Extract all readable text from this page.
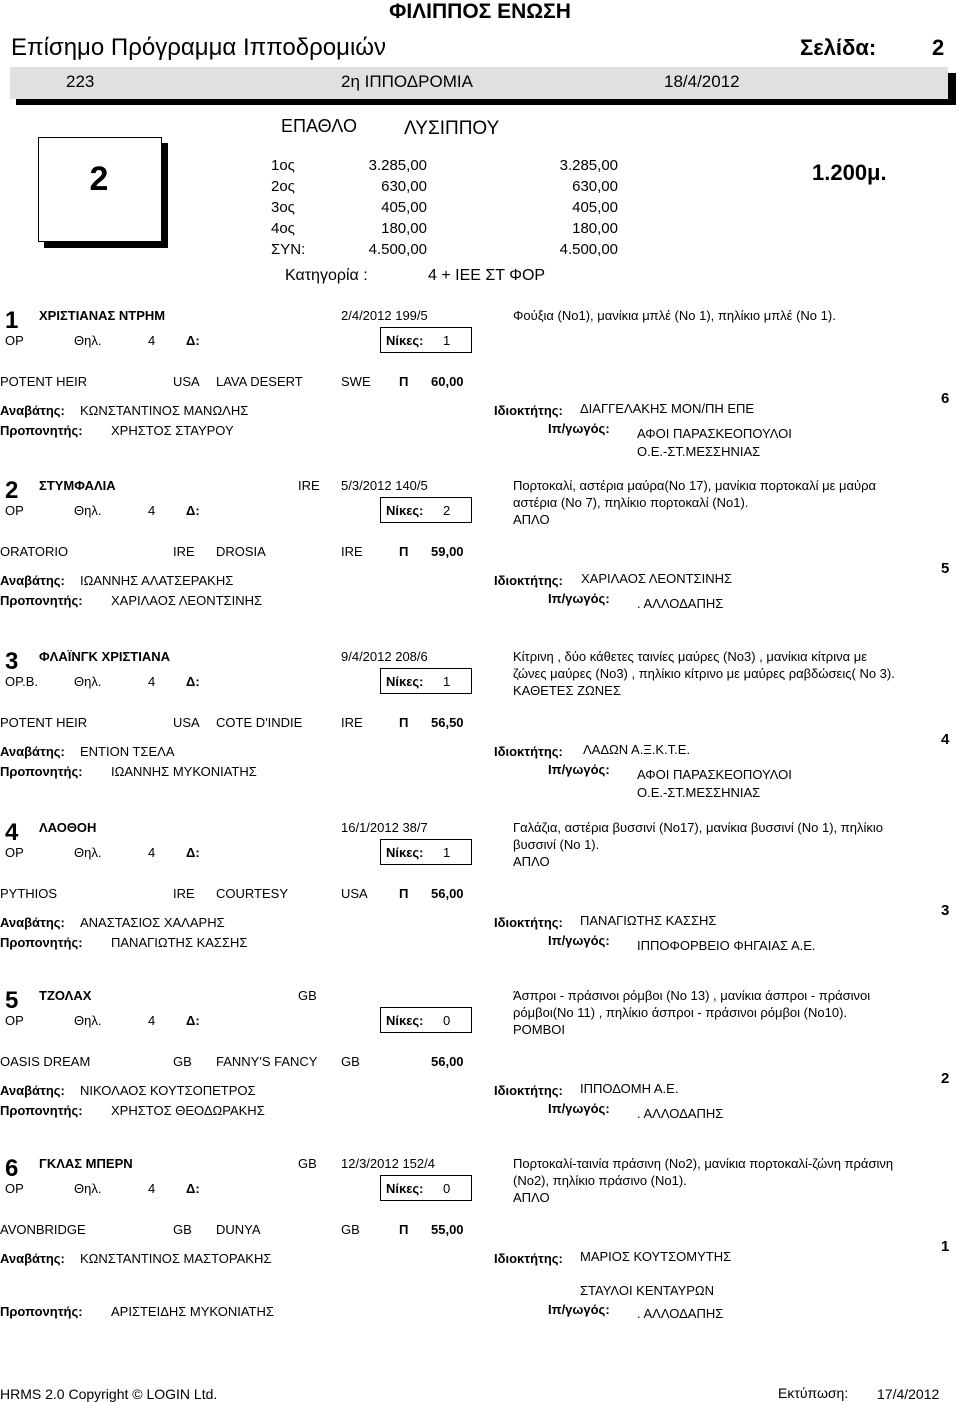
ΦΙΛΙΠΠΟΣ ΕΝΩΣΗ
Επίσημο Πρόγραμμα Ιπποδρομιών	Σελίδα:	2
223	2η ΙΠΠΟΔΡΟΜΙΑ	18/4/2012
ΕΠΑΘΛΟ ΛΥΣΙΠΠΟΥ
2	1.200μ.
1ος	3.285,00	3.285,00
2ος	630,00	630,00
3ος	405,00	405,00
4ος	180,00	180,00
ΣΥΝ:	4.500,00	4.500,00
Κατηγορία :	4 + ΙΕΕ ΣΤ ΦΟΡ
1 ΧΡΙΣΤΙΑΝΑΣ ΝΤΡΗΜ	2/4/2012 199/5	Φούξια (Νο1), μανίκια μπλέ (Νο 1), πηλίκιο μπλέ (Νο 1).
ΟΡ	Θηλ.	4 Δ:	Νίκες: 1
POTENT HEIR	USA LAVA DESERT	SWE Π 60,00
Αναβάτης: ΚΩΝΣΤΑΝΤΙΝΟΣ ΜΑΝΩΛΗΣ	Ιδιοκτήτης: ΔΙΑΓΓΕΛΑΚΗΣ ΜΟΝ/ΠΗ ΕΠΕ
6
Προπονητής: ΧΡΗΣΤΟΣ ΣΤΑΥΡΟΥ	Ιπ/γωγός: ΑΦΟΙ ΠΑΡΑΣΚΕΟΠΟΥΛΟΙ
Ο.Ε.-ΣΤ.ΜΕΣΣΗΝΙΑΣ
2 ΣΤΥΜΦΑΛΙΑ	IRE 5/3/2012 140/5	Πορτοκαλί, αστέρια μαύρα(Νο 17), μανίκια πορτοκαλί με μαύρα
αστέρια (Νο 7), πηλίκιο πορτοκαλί (Νο1).
ΑΠΛΟ
ΟΡ	Θηλ.	4 Δ:	Νίκες: 2
ORATORIO	IRE DROSIA	IRE	Π 59,00
Αναβάτης: ΙΩΑΝΝΗΣ ΑΛΑΤΣΕΡΑΚΗΣ	Ιδιοκτήτης: ΧΑΡΙΛΑΟΣ ΛΕΟΝΤΣΙΝΗΣ
5
Προπονητής: ΧΑΡΙΛΑΟΣ ΛΕΟΝΤΣΙΝΗΣ	Ιπ/γωγός: . ΑΛΛΟΔΑΠΗΣ
3 ΦΛΑΪΝΓΚ ΧΡΙΣΤΙΑΝΑ	9/4/2012 208/6	Κίτρινη , δύο κάθετες ταινίες μαύρες (Νο3) , μανίκια κίτρινα με
ζώνες μαύρες (Νο3) , πηλίκιο κίτρινο με μαύρες ραβδώσεις( Νο 3).
ΚΑΘΕΤΕΣ ΖΩΝΕΣ
ΟΡ.Β.	Θηλ.	4 Δ:	Νίκες: 1
POTENT HEIR	USA COTE D'INDIE	IRE	Π 56,50
Αναβάτης: ΕΝΤΙΟΝ ΤΣΕΛΑ	Ιδιοκτήτης: ΛΑΔΩΝ Α.Ξ.Κ.Τ.Ε.
4
Προπονητής: ΙΩΑΝΝΗΣ ΜΥΚΟΝΙΑΤΗΣ	Ιπ/γωγός: ΑΦΟΙ ΠΑΡΑΣΚΕΟΠΟΥΛΟΙ
Ο.Ε.-ΣΤ.ΜΕΣΣΗΝΙΑΣ
4 ΛΑΟΘΟΗ	16/1/2012 38/7	Γαλάζια, αστέρια βυσσινί (Νο17), μανίκια βυσσινί (Νο 1), πηλίκιο
βυσσινί (Νο 1).
ΑΠΛΟ
ΟΡ	Θηλ.	4 Δ:	Νίκες: 1
PYTHIOS	IRE COURTESY	USA Π 56,00
Αναβάτης: ΑΝΑΣΤΑΣΙΟΣ ΧΑΛΑΡΗΣ	Ιδιοκτήτης: ΠΑΝΑΓΙΩΤΗΣ ΚΑΣΣΗΣ
3
Προπονητής: ΠΑΝΑΓΙΩΤΗΣ ΚΑΣΣΗΣ	Ιπ/γωγός: ΙΠΠΟΦΟΡΒΕΙΟ ΦΗΓΑΙΑΣ Α.Ε.
5 ΤΖΟΛΑΧ	GB	Άσπροι - πράσινοι ρόμβοι (Νο 13) , μανίκια άσπροι - πράσινοι
ρόμβοι(Νο 11) , πηλίκιο άσπροι - πράσινοι ρόμβοι (Νο10).
ΡΟΜΒΟΙ
ΟΡ	Θηλ.	4 Δ:	Νίκες: 0
OASIS DREAM	GB FANNY'S FANCY GB	56,00
Αναβάτης: ΝΙΚΟΛΑΟΣ ΚΟΥΤΣΟΠΕΤΡΟΣ	Ιδιοκτήτης: ΙΠΠΟΔΟΜΗ Α.Ε.
2
Προπονητής: ΧΡΗΣΤΟΣ ΘΕΟΔΩΡΑΚΗΣ	Ιπ/γωγός: . ΑΛΛΟΔΑΠΗΣ
6 ΓΚΛΑΣ ΜΠΕΡΝ	GB 12/3/2012 152/4	Πορτοκαλί-ταινία πράσινη (Νο2), μανίκια πορτοκαλί-ζώνη πράσινη
(Νο2), πηλίκιο πράσινο (Νο1).
ΑΠΛΟ
ΟΡ	Θηλ.	4 Δ:	Νίκες: 0
AVONBRIDGE	GB DUNYA	GB	Π 55,00
Αναβάτης: ΚΩΝΣΤΑΝΤΙΝΟΣ ΜΑΣΤΟΡΑΚΗΣ	Ιδιοκτήτης: ΜΑΡΙΟΣ ΚΟΥΤΣΟΜΥΤΗΣ
1
ΣΤΑΥΛΟΙ ΚΕΝΤΑΥΡΩΝ
Προπονητής: ΑΡΙΣΤΕΙΔΗΣ ΜΥΚΟΝΙΑΤΗΣ	Ιπ/γωγός: . ΑΛΛΟΔΑΠΗΣ
HRMS 2.0 Copyright © LOGIN Ltd.	Εκτύπωση: 17/4/2012
